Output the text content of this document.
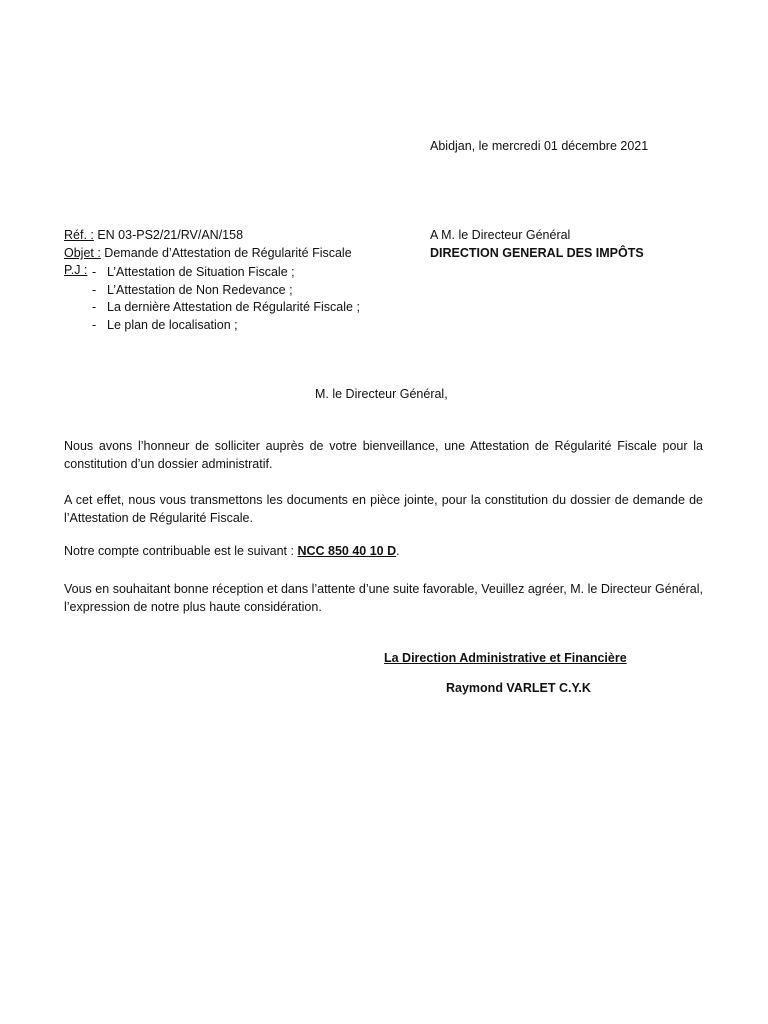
Abidjan, le mercredi 01 décembre 2021
Réf. : EN 03-PS2/21/RV/AN/158
Objet : Demande d’Attestation de Régularité Fiscale
P.J : - L’Attestation de Situation Fiscale ;
- L’Attestation de Non Redevance ;
- La dernière Attestation de Régularité Fiscale ;
- Le plan de localisation ;
A M. le Directeur Général
DIRECTION GENERAL DES IMPÔTS
M. le Directeur Général,
Nous avons l’honneur de solliciter auprès de votre bienveillance, une Attestation de Régularité Fiscale pour la constitution d’un dossier administratif.
A cet effet, nous vous transmettons les documents en pièce jointe, pour la constitution du dossier de demande de l’Attestation de Régularité Fiscale.
Notre compte contribuable est le suivant : NCC 850 40 10 D.
Vous en souhaitant bonne réception et dans l’attente d’une suite favorable, Veuillez agréer, M. le Directeur Général, l’expression de notre plus haute considération.
La Direction Administrative et Financière
Raymond VARLET C.Y.K
